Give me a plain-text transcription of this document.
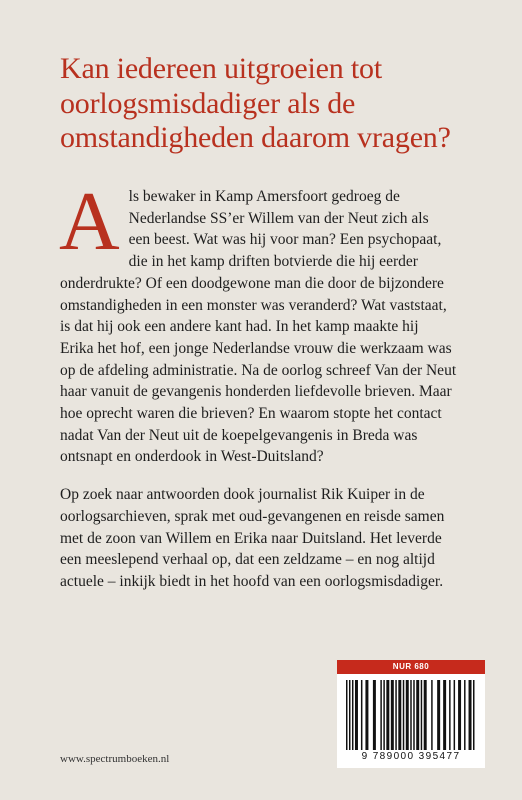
Kan iedereen uitgroeien tot
oorlogsmisdadiger als de
omstandigheden daarom vragen?

A ls bewaker in Kamp Amersfoort gedroeg de
Nederlandse SS’er Willem van der Neut zich als
een beest. Wat was hij voor man? Een psychopaat,
die in het kamp driften botvierde die hij eerder
onderdrukte? Of een doodgewone man die door de bijzondere
omstandigheden in een monster was veranderd? Wat vaststaat,
is dat hij ook een andere kant had. In het kamp maakte hij
Erika het hof, een jonge Nederlandse vrouw die werkzaam was
op de afdeling administratie. Na de oorlog schreef Van der Neut
haar vanuit de gevangenis honderden liefdevolle brieven. Maar
hoe oprecht waren die brieven? En waarom stopte het contact
nadat Van der Neut uit de koepelgevangenis in Breda was
ontsnapt en onderdook in West-Duitsland?

Op zoek naar antwoorden dook journalist Rik Kuiper in de
oorlogsarchieven, sprak met oud-gevangenen en reisde samen
met de zoon van Willem en Erika naar Duitsland. Het leverde
een meeslepend verhaal op, dat een zeldzame – en nog altijd
actuele – inkijk biedt in het hoofd van een oorlogsmisdadiger.

NUR 680
9 789000 395477
www.spectrumboeken.nl
